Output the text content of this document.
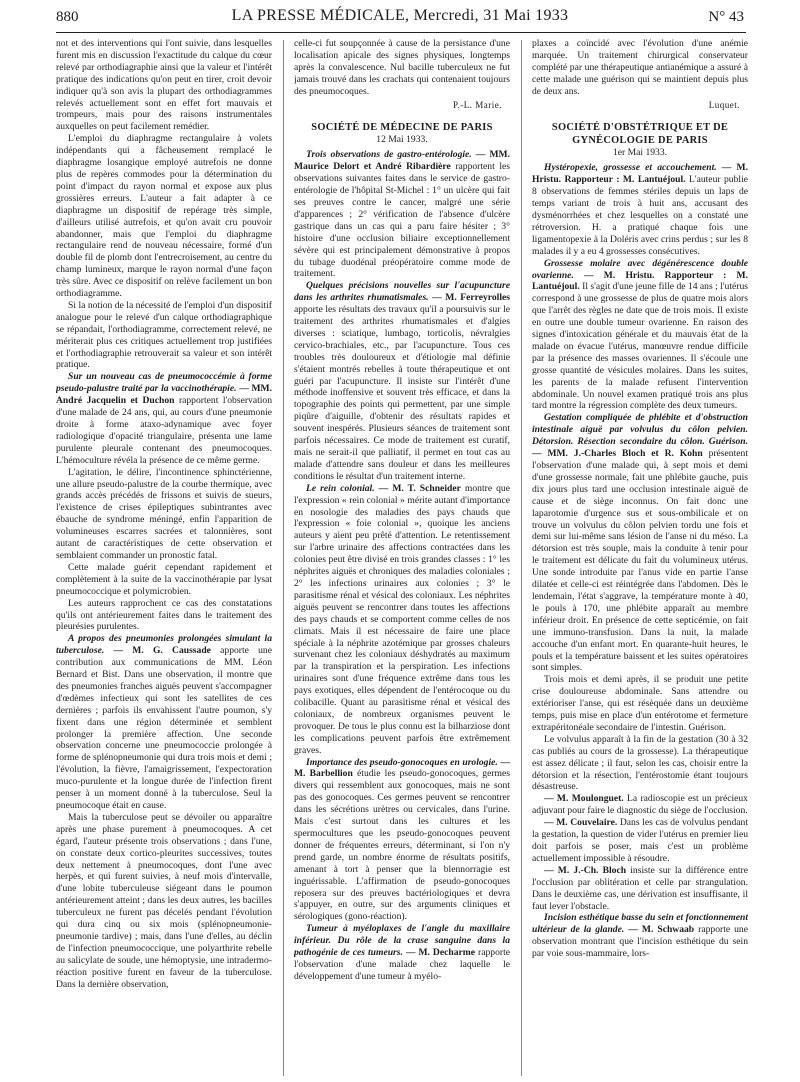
880	LA PRESSE MÉDICALE, Mercredi, 31 Mai 1933	N° 43

not et des interventions qui l'ont suivie, dans lesquelles furent mis en discussion l'exactitude du calque du cœur relevé par orthodiagraphie ainsi que la valeur et l'intérêt pratique des indications qu'on peut en tirer, croit devoir indiquer qu'à son avis la plupart des orthodiagrammes relevés actuellement sont en effet fort mauvais et trompeurs, mais pour des raisons instrumentales auxquelles on peut facilement remédier.

L'emploi du diaphragme rectangulaire à volets indépendants qui a fâcheusement remplacé le diaphragme losangique employé autrefois ne donne plus de repères commodes pour la détermination du point d'impact du rayon normal et expose aux plus grossières erreurs. L'auteur a fait adapter à ce diaphragme un dispositif de repérage très simple, d'ailleurs utilisé autrefois, et qu'on avait cru pouvoir abandonner, mais que l'emploi du diaphragme rectangulaire rend de nouveau nécessaire, formé d'un double fil de plomb dont l'entrecroisement, au centre du champ lumineux, marque le rayon normal d'une façon très sûre. Avec ce dispositif on relève facilement un bon orthodiagramme.

Si la notion de la nécessité de l'emploi d'un dispositif analogue pour le relevé d'un calque orthodiagraphique se répandait, l'orthodiagramme, correctement relevé, ne mériterait plus ces critiques actuellement trop justifiées et l'orthodiagraphie retrouverait sa valeur et son intérêt pratique.

Sur un nouveau cas de pneumococcémie à forme pseudo-palustre traité par la vaccinothérapie. — MM. André Jacquelin et Duchon rapportent l'observation d'une malade de 24 ans, qui, au cours d'une pneumonie droite à forme ataxo-adynamique avec foyer radiologique d'opacité triangulaire, présenta une lame purulente pleurale contenant des pneumocoques. L'hémoculture révéla la présence de ce même germe.

L'agitation, le délire, l'incontinence sphinctérienne, une allure pseudo-palustre de la courbe thermique, avec grands accès précédés de frissons et suivis de sueurs, l'existence de crises épileptiques subintrantes avec ébauche de syndrome méningé, enfin l'apparition de volumineuses escarres sacrées et talonnières, sont autant de caractéristiques de cette observation et semblaient commander un pronostic fatal.

Cette malade guérit cependant rapidement et complètement à la suite de la vaccinothérapie par lysat pneumococcique et polymicrobien.

Les auteurs rapprochent ce cas des constatations qu'ils ont antérieurement faites dans le traitement des pleurésies purulentes.

A propos des pneumonies prolongées simulant la tuberculose. — M. G. Caussade apporte une contribution aux communications de MM. Léon Bernard et Bist. Dans une observation, il montre que des pneumonies franches aiguës peuvent s'accompagner d'œdèmes infectieux qui sont les satellites de ces dernières ; parfois ils envahissent l'autre poumon, s'y fixent dans une région déterminée et semblent prolonger la première affection. Une seconde observation concerne une pneumococcie prolongée à forme de splénopneumonie qui dura trois mois et demi ; l'évolution, la fièvre, l'amaigrissement, l'expectoration muco-purulente et la longue durée de l'infection firent penser à un moment donné à la tuberculose. Seul la pneumocoque était en cause.

Mais la tuberculose peut se dévoiler ou apparaître après une phase purement à pneumocoques. A cet égard, l'auteur présente trois observations ; dans l'une, on constate deux cortico-pleurites successives, toutes deux nettement à pneumocoques, dont l'une avec herpès, et qui furent suivies, à neuf mois d'intervalle, d'une lobite tuberculeuse siégeant dans le poumon antérieurement atteint ; dans les deux autres, les bacilles tuberculeux ne furent pas décelés pendant l'évolution qui dura cinq ou six mois (splénopneumonie-pneumonie tardive) ; mais, dans l'une d'elles, au déclin de l'infection pneumococcique, une polyarthrite rebelle au salicylate de soude, une hémoptysie, une intradermo-réaction positive furent en faveur de la tuberculose. Dans la dernière observation,

celle-ci fut soupçonnée à cause de la persistance d'une localisation apicale des signes physiques, longtemps après la convalescence. Nul bacille tuberculeux ne fut jamais trouvé dans les crachats qui contenaient toujours des pneumocoques.

P.-L. Marie.
SOCIÉTÉ DE MÉDECINE DE PARIS
12 Mai 1933.

Trois observations de gastro-entérologie. — MM. Maurice Delort et André Ribardière rapportent les observations suivantes faites dans le service de gastro-entérologie de l'hôpital St-Michel : 1° un ulcère qui fait ses preuves contre le cancer, malgré une série d'apparences ; 2° vérification de l'absence d'ulcère gastrique dans un cas qui a paru faire hésiter ; 3° histoire d'une occlusion biliaire exceptionnellement sévère qui est principalement démonstrative à propos du tubage duodénal préopératoire comme mode de traitement.

Quelques précisions nouvelles sur l'acupuncture dans les arthrites rhumatismales. — M. Ferreyrolles apporte les résultats des travaux qu'il a poursuivis sur le traitement des arthrites rhumatismales et d'algies diverses : sciatique, lumbago, torticolis, névralgies cervico-brachiales, etc., par l'acupuncture. Tous ces troubles très douloureux et d'étiologie mal définie s'étaient montrés rebelles à toute thérapeutique et ont guéri par l'acupuncture. Il insiste sur l'intérêt d'une méthode inoffensive et souvent très efficace, et dans la topographie des points qui permettent, par une simple piqûre d'aiguille, d'obtenir des résultats rapides et souvent inespérés. Plusieurs séances de traitement sont parfois nécessaires. Ce mode de traitement est curatif, mais ne serait-il que palliatif, il permet en tout cas au malade d'attendre sans douleur et dans les meilleures conditions le résultat d'un traitement interne.

Le rein colonial. — M. T. Schneider montre que l'expression « rein colonial » mérite autant d'importance en nosologie des maladies des pays chauds que l'expression « foie colonial », quoique les anciens auteurs y aient peu prêté d'attention. Le retentissement sur l'arbre urinaire des affections contractées dans les colonies peut être divisé en trois grandes classes : 1° les néphrites aiguës et chroniques des maladies coloniales ; 2° les infections urinaires aux colonies ; 3° le parasitisme rénal et vésical des coloniaux. Les néphrites aiguës peuvent se rencontrer dans toutes les affections des pays chauds et se comportent comme celles de nos climats. Mais il est nécessaire de faire une place spéciale à la néphrite azotémique par grosses chaleurs survenant chez les coloniaux déshydratés au maximum par la transpiration et la perspiration. Les infections urinaires sont d'une fréquence extrême dans tous les pays exotiques, elles dépendent de l'entérocoque ou du colibacille. Quant au parasitisme rénal et vésical des coloniaux, de nombreux organismes peuvent le provoquer. De tous le plus connu est la bilharziose dont les complications peuvent parfois être extrêmement graves.

Importance des pseudo-gonocoques en urologie. — M. Barbellion étudie les pseudo-gonocoques, germes divers qui ressemblent aux gonocoques, mais ne sont pas des gonocoques. Ces germes peuvent se rencontrer dans les sécrétions urètres ou cervicales, dans l'urine. Mais c'est surtout dans les cultures et les spermocultures que les pseudo-gonocoques peuvent donner de fréquentes erreurs, déterminant, si l'on n'y prend garde, un nombre énorme de résultats positifs, amenant à tort à penser que la blennorragie est inguérissable. L'affirmation de pseudo-gonocoques reposera sur des preuves bactériologiques et devra s'appuyer, en outre, sur des arguments cliniques et sérologiques (gono-réaction).

Tumeur à myéloplaxes de l'angle du maxillaire inférieur. Du rôle de la crase sanguine dans la pathogénie de ces tumeurs. — M. Decharme rapporte l'observation d'une malade chez laquelle le développement d'une tumeur à myélo-

plaxes a coïncidé avec l'évolution d'une anémie marquée. Un traitement chirurgical conservateur complété par une thérapeutique antianémique a assuré à cette malade une guérison qui se maintient depuis plus de deux ans.

Luquet.
SOCIÉTÉ D'OBSTÉTRIQUE ET DE GYNÉCOLOGIE DE PARIS
1er Mai 1933.

Hystéropexie, grossesse et accouchement. — M. Hristu. Rapporteur : M. Lantuéjoul. L'auteur publie 8 observations de femmes stériles depuis un laps de temps variant de trois à huit ans, accusant des dysménorrhées et chez lesquelles on a constaté une rétroversion. H. a pratiqué chaque fois une ligamentopexie à la Doléris avec crins perdus ; sur les 8 malades il y a eu 4 grossesses consécutives.

Grossesse molaire avec dégénérescence double ovarienne. — M. Hristu. Rapporteur : M. Lantuéjoul. Il s'agit d'une jeune fille de 14 ans ; l'utérus correspond à une grossesse de plus de quatre mois alors que l'arrêt des règles ne date que de trois mois. Il existe en outre une double tumeur ovarienne. En raison des signes d'intoxication générale et du mauvais état de la malade on évacue l'utérus, manœuvre rendue difficile par la présence des masses ovariennes. Il s'écoule une grosse quantité de vésicules molaires. Dans les suites, les parents de la malade refusent l'intervention abdominale. Un nouvel examen pratiqué trois ans plus tard montre la régression complète des deux tumeurs.

Gestation compliquée de phlébite et d'obstruction intestinale aiguë par volvulus du côlon pelvien. Détorsion. Résection secondaire du côlon. Guérison. — MM. J.-Charles Bloch et R. Kohn présentent l'observation d'une malade qui, à sept mois et demi d'une grossesse normale, fait une phlébite gauche, puis dix jours plus tard une occlusion intestinale aiguë de cause et de siège inconnus. On fait donc une laparotomie d'urgence sus et sous-ombilicale et on trouve un volvulus du côlon pelvien tordu une fois et demi sur lui-même sans lésion de l'anse ni du méso. La détorsion est très souple, mais la conduite à tenir pour le traitement est délicate du fait du volumineux utérus. Une sonde introduite par l'anus vide en partie l'anse dilatée et celle-ci est réintégrée dans l'abdomen. Dès le lendemain, l'état s'aggrave, la température monte à 40, le pouls à 170, une phlébite apparaît au membre inférieur droit. En présence de cette septicémie, on fait une immuno-transfusion. Dans la nuit, la malade accouche d'un enfant mort. En quarante-huit heures, le pouls et la température baissent et les suites opératoires sont simples.

Trois mois et demi après, il se produit une petite crise douloureuse abdominale. Sans attendre ou extérioriser l'anse, qui est résèquée dans un deuxième temps, puis mise en place d'un entérotome et fermeture extrapéritonéale secondaire de l'intestin. Guérison.

Le volvulus apparaît à la fin de la gestation (30 à 32 cas publiés au cours de la grossesse). La thérapeutique est assez délicate ; il faut, selon les cas, choisir entre la détorsion et la résection, l'entérostomie étant toujours désastreuse.

— M. Moulonguet. La radioscopie est un précieux adjuvant pour faire le diagnostic du siège de l'occlusion.

— M. Couvelaire. Dans les cas de volvulus pendant la gestation, la question de vider l'utérus en premier lieu doit parfois se poser, mais c'est un problème actuellement impossible à résoudre.

— M. J.-Ch. Bloch insiste sur la différence entre l'occlusion par oblitération et celle par strangulation. Dans le deuxième cas, une dérivation est insuffisante, il faut lever l'obstacle.

Incision esthétique basse du sein et fonctionnement ultérieur de la glande. — M. Schwaab rapporte une observation montrant que l'incision esthétique du sein par voie sous-mammaire, lors-
